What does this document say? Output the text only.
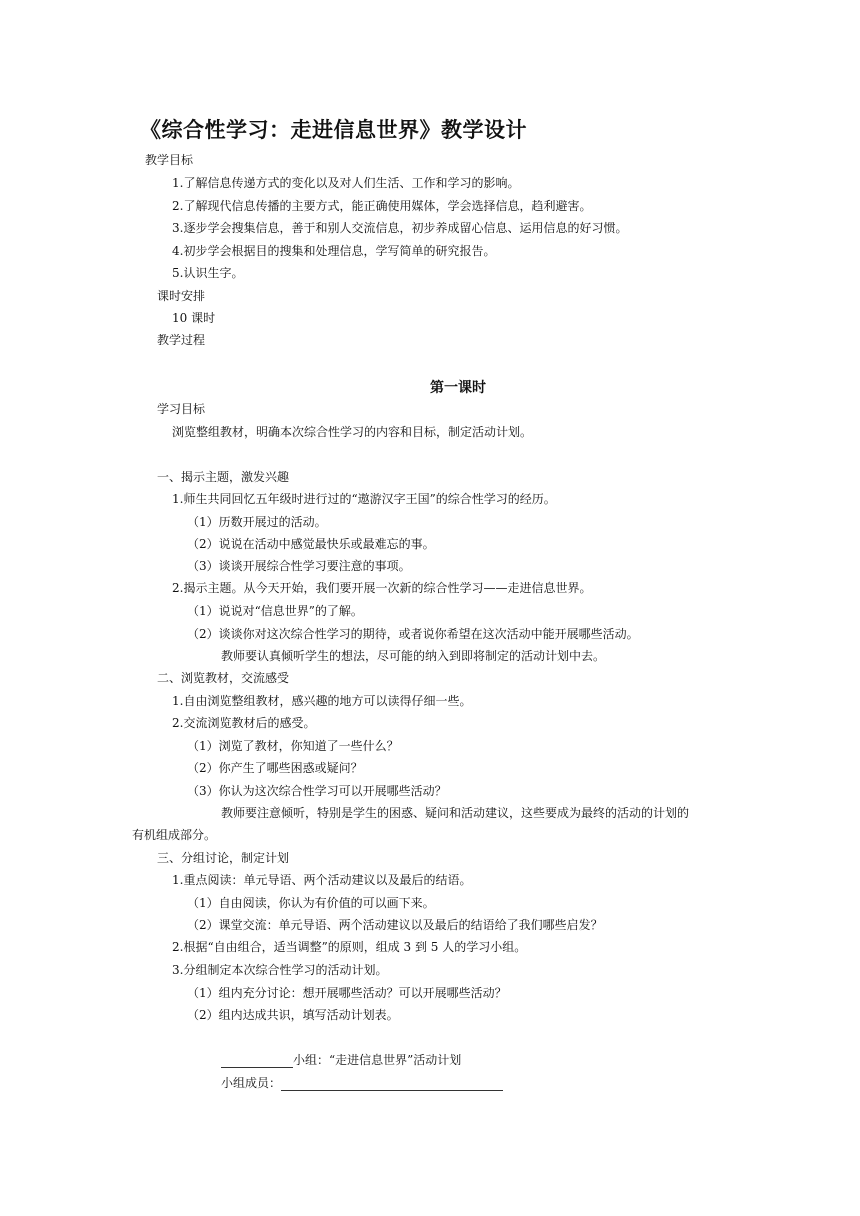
《综合性学习：走进信息世界》教学设计
教学目标
1.了解信息传递方式的变化以及对人们生活、工作和学习的影响。
2.了解现代信息传播的主要方式，能正确使用媒体，学会选择信息，趋利避害。
3.逐步学会搜集信息，善于和别人交流信息，初步养成留心信息、运用信息的好习惯。
4.初步学会根据目的搜集和处理信息，学写简单的研究报告。
5.认识生字。
课时安排
10 课时
教学过程
第一课时
学习目标
浏览整组教材，明确本次综合性学习的内容和目标，制定活动计划。
一、揭示主题，激发兴趣
1.师生共同回忆五年级时进行过的“遨游汉字王国”的综合性学习的经历。
（1）历数开展过的活动。
（2）说说在活动中感觉最快乐或最难忘的事。
（3）谈谈开展综合性学习要注意的事项。
2.揭示主题。从今天开始，我们要开展一次新的综合性学习——走进信息世界。
（1）说说对“信息世界”的了解。
（2）谈谈你对这次综合性学习的期待，或者说你希望在这次活动中能开展哪些活动。
教师要认真倾听学生的想法，尽可能的纳入到即将制定的活动计划中去。
二、浏览教材，交流感受
1.自由浏览整组教材，感兴趣的地方可以读得仔细一些。
2.交流浏览教材后的感受。
（1）浏览了教材，你知道了一些什么？
（2）你产生了哪些困惑或疑问？
（3）你认为这次综合性学习可以开展哪些活动？
教师要注意倾听，特别是学生的困惑、疑问和活动建议，这些要成为最终的活动的计划的
有机组成部分。
三、分组讨论，制定计划
1.重点阅读：单元导语、两个活动建议以及最后的结语。
（1）自由阅读，你认为有价值的可以画下来。
（2）课堂交流：单元导语、两个活动建议以及最后的结语给了我们哪些启发？
2.根据“自由组合，适当调整”的原则，组成 3 到 5 人的学习小组。
3.分组制定本次综合性学习的活动计划。
（1）组内充分讨论：想开展哪些活动？可以开展哪些活动？
（2）组内达成共识，填写活动计划表。
小组：“走进信息世界”活动计划
小组成员：
